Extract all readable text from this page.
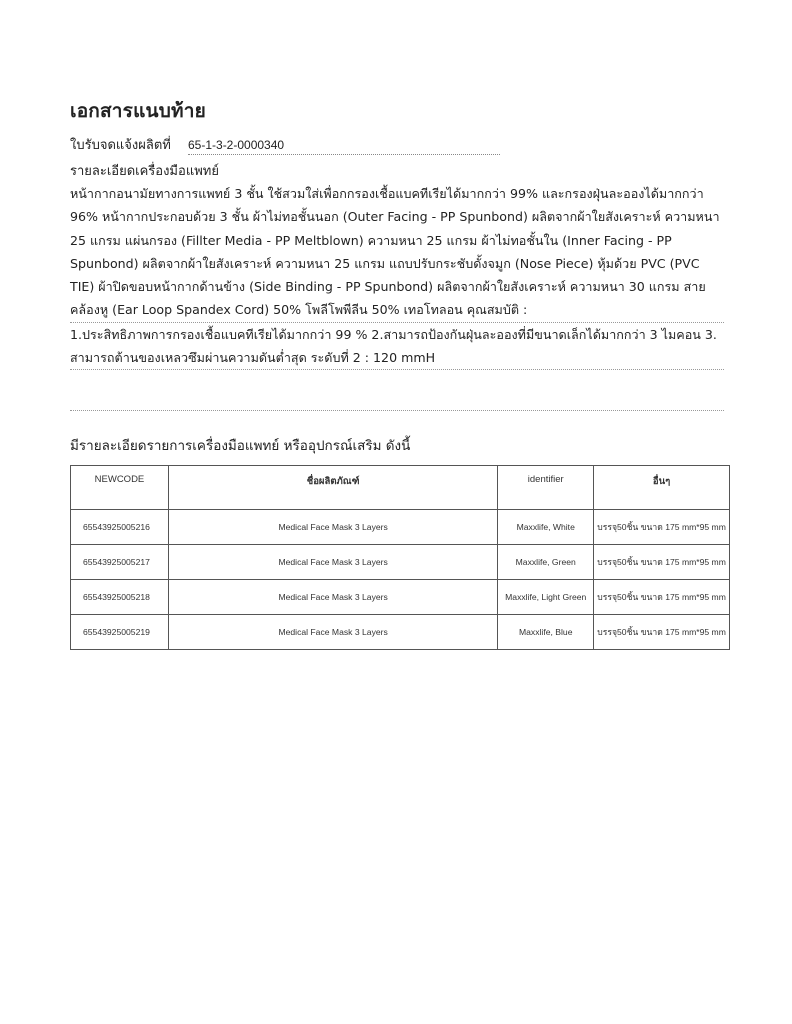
เอกสารแนบท้าย
ใบรับจดแจ้งผลิตที่ 65-1-3-2-0000340
รายละเอียดเครื่องมือแพทย์

หน้ากากอนามัยทางการแพทย์ 3 ชั้น ใช้สวมใส่เพื่อกกรองเชื้อแบคทีเรียได้มากกว่า 99% และกรองฝุ่นละอองได้มากกว่า 96% หน้ากากประกอบด้วย 3 ชั้น ผ้าไม่ทอชั้นนอก (Outer Facing - PP Spunbond) ผลิตจากผ้าใยสังเคราะห์ ความหนา 25 แกรม แผ่นกรอง (Fillter Media - PP Meltblown) ความหนา 25 แกรม ผ้าไม่ทอชั้นใน (Inner Facing - PP Spunbond) ผลิตจากผ้าใยสังเคราะห์ ความหนา 25 แกรม แถบปรับกระชับดั้งจมูก (Nose Piece) หุ้มด้วย PVC (PVC TIE) ผ้าปิดขอบหน้ากากด้านข้าง (Side Binding - PP Spunbond) ผลิตจากผ้าใยสังเคราะห์ ความหนา 30 แกรม สายคล้องหู (Ear Loop Spandex Cord) 50% โพลีโพพีลีน 50% เทอโทลอน คุณสมบัติ :

1.ประสิทธิภาพการกรองเชื้อแบคทีเรียได้มากกว่า 99 % 2.สามารถป้องกันฝุ่นละอองที่มีขนาดเล็กได้มากกว่า 3 ไมคอน 3. สามารถต้านของเหลวซึมผ่านความดันต่ำสุด ระดับที่ 2 : 120 mmH

มีรายละเอียดรายการเครื่องมือแพทย์ หรืออุปกรณ์เสริม ดังนี้
NEWCODE	ชื่อผลิตภัณฑ์	identifier	อื่นๆ
65543925005216	Medical Face Mask 3 Layers	Maxxlife, White	บรรจุ50ชิ้น ขนาด 175 mm*95 mm
65543925005217	Medical Face Mask 3 Layers	Maxxlife, Green	บรรจุ50ชิ้น ขนาด 175 mm*95 mm
65543925005218	Medical Face Mask 3 Layers	Maxxlife, Light Green	บรรจุ50ชิ้น ขนาด 175 mm*95 mm
65543925005219	Medical Face Mask 3 Layers	Maxxlife, Blue	บรรจุ50ชิ้น ขนาด 175 mm*95 mm
